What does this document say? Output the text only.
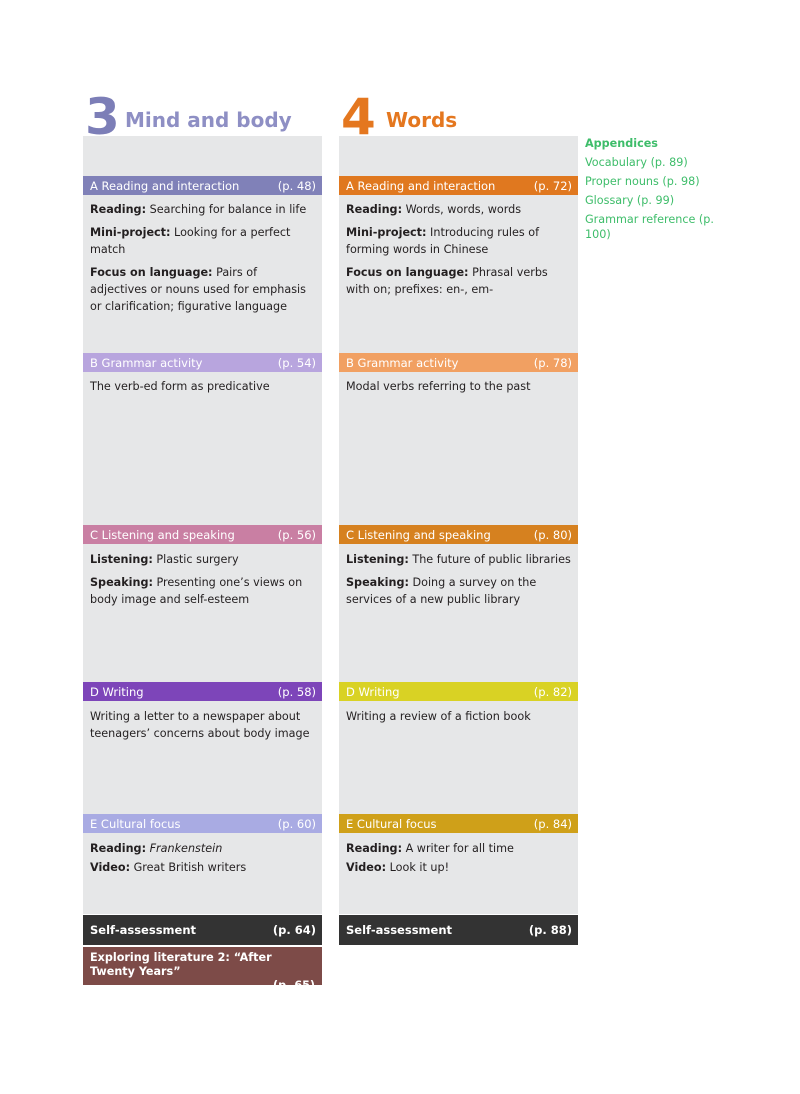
3 Mind and body
A Reading and interaction	(p. 48)

Reading: Searching for balance in life

Mini-project: Looking for a perfect match

Focus on language: Pairs of adjectives or nouns used for emphasis or clarification; figurative language

B Grammar activity	(p. 54)

The verb-ed form as predicative

C Listening and speaking	(p. 56)

Listening: Plastic surgery

Speaking: Presenting one’s views on body image and self-esteem

D Writing	(p. 58)

Writing a letter to a newspaper about teenagers’ concerns about body image

E Cultural focus	(p. 60)

Reading: Frankenstein

Video: Great British writers

Self-assessment	(p. 64)
Exploring literature 2: “After Twenty Years”
(p. 65)
4 Words
A Reading and interaction	(p. 72)

Reading: Words, words, words

Mini-project: Introducing rules of forming words in Chinese

Focus on language: Phrasal verbs with on; prefixes: en-, em-

B Grammar activity	(p. 78)

Modal verbs referring to the past

C Listening and speaking	(p. 80)

Listening: The future of public libraries

Speaking: Doing a survey on the services of a new public library

D Writing	(p. 82)

Writing a review of a fiction book

E Cultural focus	(p. 84)

Reading: A writer for all time

Video: Look it up!

Self-assessment	(p. 88)
Appendices
Vocabulary (p. 89)
Proper nouns (p. 98)
Glossary (p. 99)
Grammar reference (p. 100)
